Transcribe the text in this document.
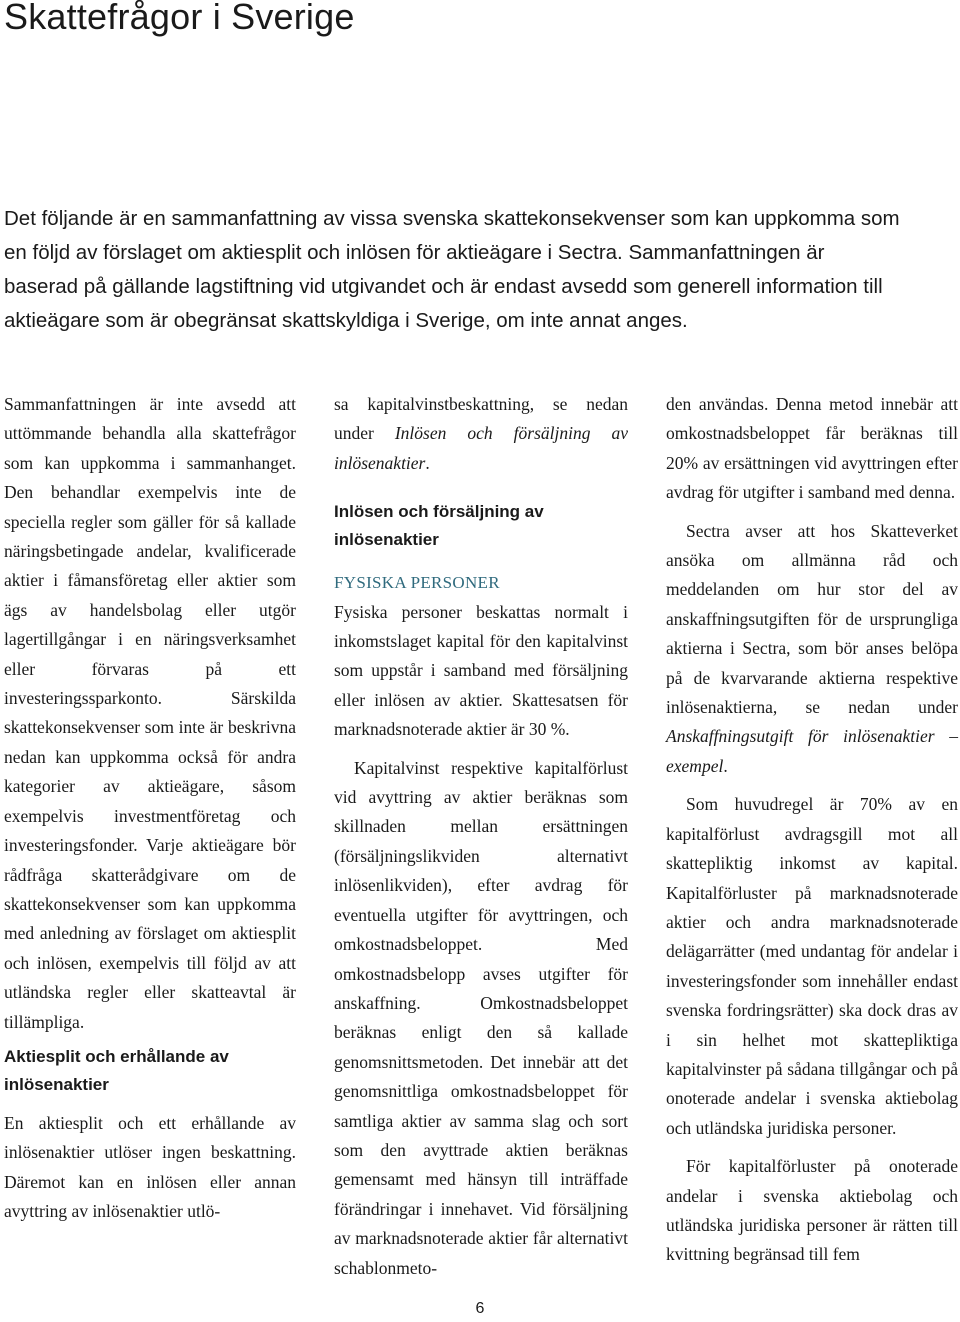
Skattefrågor i Sverige

Det följande är en sammanfattning av vissa svenska skattekonsekvenser som kan uppkomma som en följd av förslaget om aktiesplit och inlösen för aktieägare i Sectra. Sammanfattningen är baserad på gällande lagstiftning vid utgivandet och är endast avsedd som generell information till aktieägare som är obegränsat skattskyldiga i Sverige, om inte annat anges.

Sammanfattningen är inte avsedd att uttömmande behandla alla skattefrågor som kan uppkomma i sammanhanget. Den behandlar exempelvis inte de speciella regler som gäller för så kallade näringsbetingade andelar, kvalificerade aktier i fåmansföretag eller aktier som ägs av handelsbolag eller utgör lagertillgångar i en näringsverksamhet eller förvaras på ett investeringssparkonto. Särskilda skattekonsekvenser som inte är beskrivna nedan kan uppkomma också för andra kategorier av aktieägare, såsom exempelvis investmentföretag och investeringsfonder. Varje aktieägare bör rådfråga skatterådgivare om de skattekonsekvenser som kan uppkomma med anledning av förslaget om aktiesplit och inlösen, exempelvis till följd av att utländska regler eller skatteavtal är tillämpliga.

Aktiesplit och erhållande av inlösenaktier

En aktiesplit och ett erhållande av inlösenaktier utlöser ingen beskattning. Däremot kan en inlösen eller annan avyttring av inlösenaktier utlö-

sa kapitalvinstbeskattning, se nedan under Inlösen och försäljning av inlösenaktier.

Inlösen och försäljning av inlösenaktier

FYSISKA PERSONER

Fysiska personer beskattas normalt i inkomstslaget kapital för den kapitalvinst som uppstår i samband med försäljning eller inlösen av aktier. Skattesatsen för marknadsnoterade aktier är 30 %.

Kapitalvinst respektive kapitalförlust vid avyttring av aktier beräknas som skillnaden mellan ersättningen (försäljningslikviden alternativt inlösenlikviden), efter avdrag för eventuella utgifter för avyttringen, och omkostnadsbeloppet. Med omkostnadsbelopp avses utgifter för anskaffning. Omkostnadsbeloppet beräknas enligt den så kallade genomsnittsmetoden. Det innebär att det genomsnittliga omkostnadsbeloppet för samtliga aktier av samma slag och sort som den avyttrade aktien beräknas gemensamt med hänsyn till inträffade förändringar i innehavet. Vid försäljning av marknadsnoterade aktier får alternativt schablonmeto-

den användas. Denna metod innebär att omkostnadsbeloppet får beräknas till 20% av ersättningen vid avyttringen efter avdrag för utgifter i samband med denna.

Sectra avser att hos Skatteverket ansöka om allmänna råd och meddelanden om hur stor del av anskaffningsutgiften för de ursprungliga aktierna i Sectra, som bör anses belöpa på de kvarvarande aktierna respektive inlösenaktierna, se nedan under Anskaffningsutgift för inlösenaktier – exempel.

Som huvudregel är 70% av en kapitalförlust avdragsgill mot all skattepliktig inkomst av kapital. Kapitalförluster på marknadsnoterade aktier och andra marknadsnoterade delägarrätter (med undantag för andelar i investeringsfonder som innehåller endast svenska fordringsrätter) ska dock dras av i sin helhet mot skattepliktiga kapitalvinster på sådana tillgångar och på onoterade andelar i svenska aktiebolag och utländska juridiska personer.

För kapitalförluster på onoterade andelar i svenska aktiebolag och utländska juridiska personer är rätten till kvittning begränsad till fem

6
